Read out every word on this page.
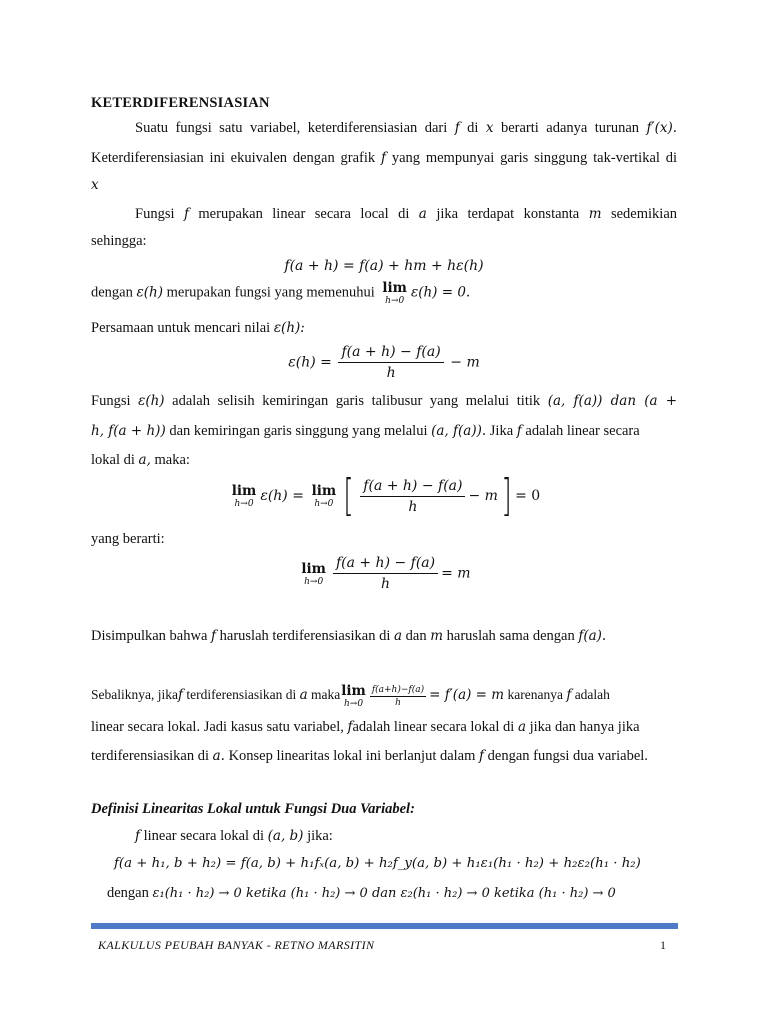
KETERDIFERENSIASIAN
Suatu fungsi satu variabel, keterdiferensiasian dari f di x berarti adanya turunan f′(x).
Keterdiferensiasian ini ekuivalen dengan grafik f yang mempunyai garis singgung tak-vertikal di
x
Fungsi f merupakan linear secara local di a jika terdapat konstanta m sedemikian
sehingga:
f(a + h) = f(a) + hm + hε(h)
dengan ε(h) merupakan fungsi yang memenuhui lim
h→0
ε(h) = 0.
Persamaan untuk mencari nilai ε(h):
$\varepsilon(h) = \frac{f(a + h) - f(a)}{h} - m$
Fungsi ε(h) adalah selisih kemiringan garis talibusur yang melalui titik (a, f(a)) dan (a +
h, f(a + h)) dan kemiringan garis singgung yang melalui (a, f(a)). Jika f adalah linear secara
lokal di a, maka:
lim
h→0 ε(h) = lim
h→0 [ $\frac{f(a + h) - f(a)}{h} - m] = 0$
yang berarti:
lim
$h\to 0 \frac{f(a + h) - f(a)}{h} = m$
Disimpulkan bahwa f haruslah terdiferensiasikan di a dan m haruslah sama dengan f(a).
Sebaliknya, jikaf terdiferensiasikan di a maka lim
$h\to 0 \frac{f(a+h)-f(a)}{h} = f'(a) = m$ karenanya f adalah
linear secara lokal. Jadi kasus satu variabel, fadalah linear secara lokal di a jika dan hanya jika
terdiferensiasikan di a. Konsep linearitas lokal ini berlanjut dalam f dengan fungsi dua variabel.
Definisi Linearitas Lokal untuk Fungsi Dua Variabel:
f linear secara lokal di (a, b) jika:
f(a + h₁, b + h₂) = f(a, b) + h₁fₓ(a, b) + h₂f_y(a, b) + h₁ε₁(h₁ · h₂) + h₂ε₂(h₁ · h₂)
dengan ε₁(h₁ · h₂) → 0 ketika (h₁ · h₂) → 0 dan ε₂(h₁ · h₂) → 0 ketika (h₁ · h₂) → 0
KALKULUS PEUBAH BANYAK - RETNO MARSITIN	1
